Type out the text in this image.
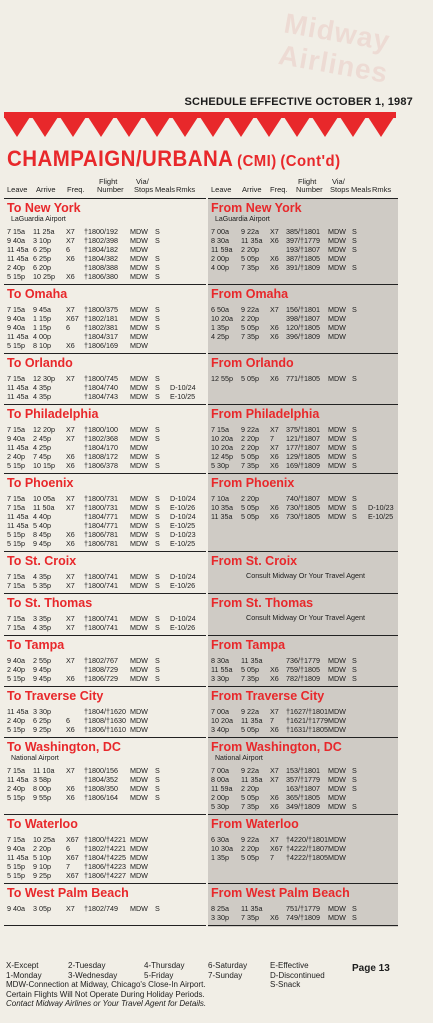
Midway Airlines
SCHEDULE EFFECTIVE OCTOBER 1, 1987
CHAMPAIGN/URBANA (CMI) (Cont'd)
Leave Arrive Freq.
Flight
Number
Via/
Stops Meals Rmks Leave Arrive Freq.
Flight
Number
Via/
Stops Meals Rmks
To New York
LaGuardia Airport
7 15a 11 25a X7 †1800/192 MDW S
9 40a 3 10p X7 †1802/398 MDW S
11 45a 6 25p 6 †1804/182 MDW
11 45a 6 25p X6 †1804/382 MDW S
2 40p 6 20p	†1808/388 MDW S
5 15p 10 25p X6 †1806/380 MDW S
To Omaha
7 15a 9 45a X7 †1800/375 MDW S
9 40a 1 15p X67 †1802/181 MDW S
9 40a 1 15p 6 †1802/381 MDW S
11 45a 4 00p	†1804/317 MDW
5 15p 8 10p X6 †1806/169 MDW
To Orlando
7 15a 12 30p X7 †1800/745 MDW S
11 45a 4 35p	†1804/740 MDW S D-10/24
11 45a 4 35p	†1804/743 MDW S E-10/25
To Philadelphia
7 15a 12 20p X7 †1800/100 MDW S
9 40a 2 45p X7 †1802/368 MDW S
11 45a 4 25p	†1804/170 MDW
2 40p 7 45p X6 †1808/172 MDW S
5 15p 10 15p X6 †1806/378 MDW S
To Phoenix
7 15a 10 05a X7 †1800/731 MDW S D-10/24
7 15a 11 50a X7 †1800/731 MDW S E-10/26
11 45a 4 40p	†1804/771 MDW S D-10/24
11 45a 5 40p	†1804/771 MDW S E-10/25
5 15p 8 45p X6 †1806/781 MDW S D-10/23
5 15p 9 45p X6 †1806/781 MDW S E-10/25
To St. Croix
7 15a 4 35p X7 †1800/741 MDW S D-10/24
7 15a 5 35p X7 †1800/741 MDW S E-10/26
To St. Thomas
7 15a 3 35p X7 †1800/741 MDW S D-10/24
7 15a 4 35p X7 †1800/741 MDW S E-10/26
To Tampa
9 40a 2 55p X7 †1802/767 MDW S
2 40p 9 45p	†1808/729 MDW S
5 15p 9 45p X6 †1806/729 MDW S
To Traverse City
11 45a 3 30p	†1804/†1620 MDW
2 40p 6 25p 6 †1808/†1630 MDW
5 15p 9 25p X6 †1806/†1610 MDW
To Washington, DC
National Airport
7 15a 11 10a X7 †1800/156 MDW S
11 45a 3 58p	†1804/352 MDW S
2 40p 8 00p X6 †1808/350 MDW S
5 15p 9 55p X6 †1806/164 MDW S
To Waterloo
7 15a 10 25a X67 †1800/†4221 MDW
9 40a 2 20p 6 †1802/†4221 MDW
11 45a 5 10p X67 †1804/†4225 MDW
5 15p 9 10p 7 †1806/†4223 MDW
5 15p 9 25p X67 †1806/†4227 MDW
To West Palm Beach
9 40a 3 05p X7 †1802/749 MDW S
From New York
LaGuardia Airport
7 00a 9 22a X7 385/†1801 MDW S
8 30a 11 35a X6 397/†1779 MDW S
11 59a 2 20p	193/†1807 MDW S
2 00p 5 05p X6 387/†1805 MDW
4 00p 7 35p X6 391/†1809 MDW S
From Omaha
6 50a 9 22a X7 156/†1801 MDW S
10 20a 2 20p	398/†1807 MDW
1 35p 5 05p X6 120/†1805 MDW
4 25p 7 35p X6 396/†1809 MDW
From Orlando
12 55p 5 05p X6 771/†1805 MDW S
From Philadelphia
7 15a 9 22a X7 375/†1801 MDW S
10 20a 2 20p 7 121/†1807 MDW S
10 20a 2 20p X7 177/†1807 MDW S
12 45p 5 05p X6 129/†1805 MDW S
5 30p 7 35p X6 169/†1809 MDW S
From Phoenix
7 10a 2 20p	740/†1807 MDW S
10 35a 5 05p X6 730/†1805 MDW S D-10/23
11 35a 5 05p X6 730/†1805 MDW S E-10/25
From St. Croix
Consult Midway Or Your Travel Agent
From St. Thomas
Consult Midway Or Your Travel Agent
From Tampa
8 30a 11 35a	736/†1779 MDW S
11 55a 5 05p X6 759/†1805 MDW S
3 30p 7 35p X6 782/†1809 MDW S
From Traverse City
7 00a 9 22a X7 †1627/†1801 MDW
10 20a 11 35a 7 †1621/†1779 MDW
3 40p 5 05p X6 †1631/†1805 MDW
From Washington, DC
National Airport
7 00a 9 22a X7 153/†1801 MDW S
8 00a 11 35a X7 357/†1779 MDW S
11 59a 2 20p	163/†1807 MDW S
2 00p 5 05p X6 365/†1805 MDW
5 30p 7 35p X6 349/†1809 MDW S
From Waterloo
6 30a 9 22a X7 †4220/†1801 MDW
10 30a 2 20p X67 †4222/†1807 MDW
1 35p 5 05p 7 †4222/†1805 MDW
From West Palm Beach
8 25a 11 35a	751/†1779 MDW S
3 30p 7 35p X6 749/†1809 MDW S
X-Except	2-Tuesday	4-Thursday	6-Saturday	E-Effective
1-Monday	3-Wednesday	5-Friday	7-Sunday	D-Discontinued
MDW-Connection at Midway, Chicago's Close-In Airport.	S-Snack
Certain Flights Will Not Operate During Holiday Periods.
Contact Midway Airlines or Your Travel Agent for Details.
Page 13
